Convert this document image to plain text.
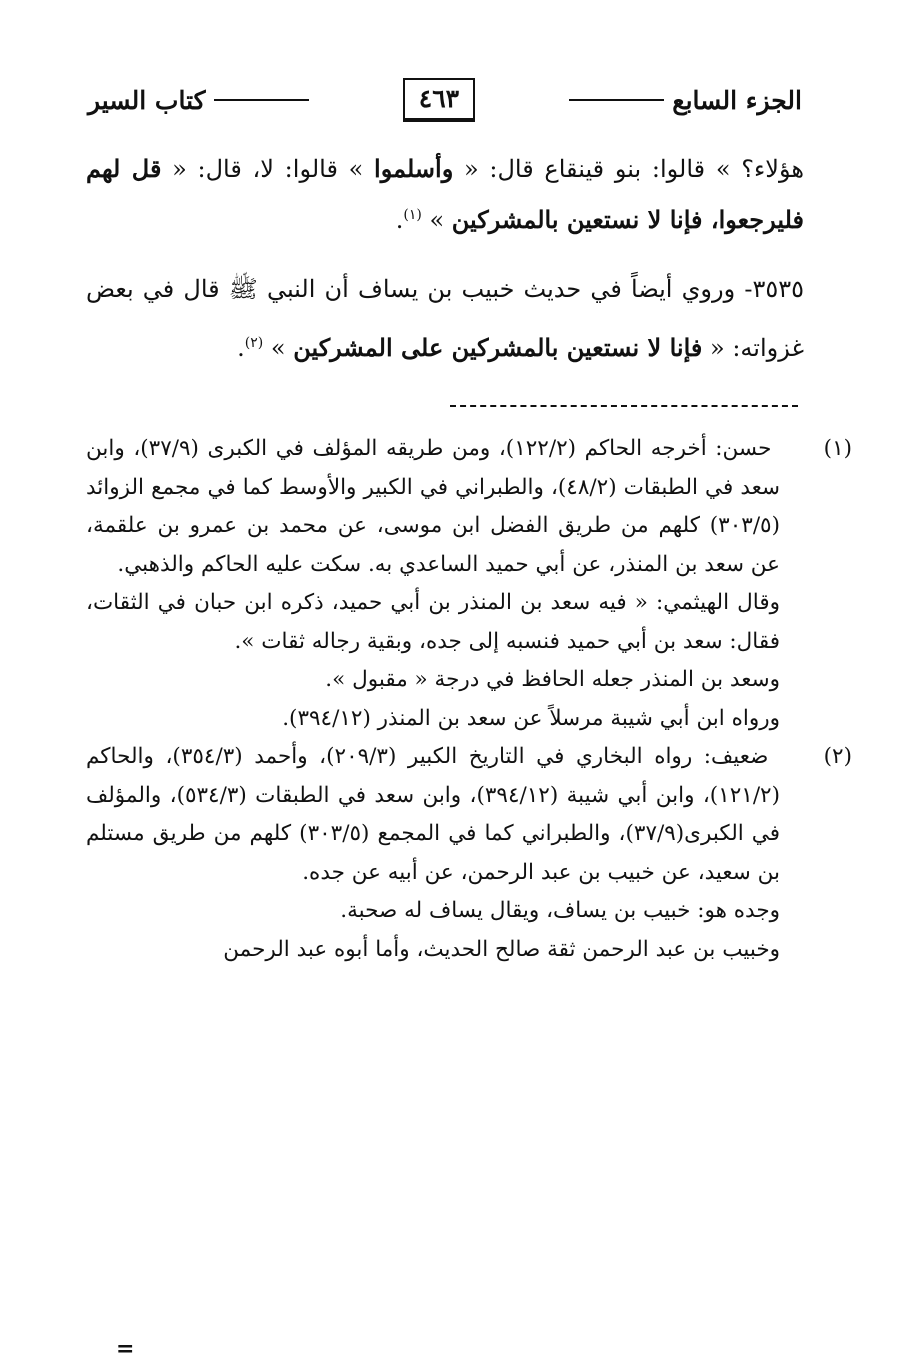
الجزء السابع
٤٦٣
كتاب السير

هؤلاء؟ » قالوا: بنو قينقاع قال: « وأسلموا » قالوا: لا، قال: « قل لهم فليرجعوا، فإنا لا نستعين بالمشركين » $^{(١)}$.

٣٥٣٥- وروي أيضاً في حديث خبيب بن يساف أن النبي ﷺ قال في بعض غزواته: « فإنا لا نستعين بالمشركين على المشركين » $^{(٢)}$.

(١) حسن: أخرجه الحاكم (١٢٢/٢)، ومن طريقه المؤلف في الكبرى (٣٧/٩)، وابن سعد في الطبقات (٤٨/٢)، والطبراني في الكبير والأوسط كما في مجمع الزوائد (٣٠٣/٥) كلهم من طريق الفضل ابن موسى، عن محمد بن عمرو بن علقمة، عن سعد بن المنذر، عن أبي حميد الساعدي به. سكت عليه الحاكم والذهبي.

وقال الهيثمي: « فيه سعد بن المنذر بن أبي حميد، ذكره ابن حبان في الثقات، فقال: سعد بن أبي حميد فنسبه إلى جده، وبقية رجاله ثقات ».

وسعد بن المنذر جعله الحافظ في درجة « مقبول ».

ورواه ابن أبي شيبة مرسلاً عن سعد بن المنذر (٣٩٤/١٢).

(٢) ضعيف: رواه البخاري في التاريخ الكبير (٢٠٩/٣)، وأحمد (٣٥٤/٣)، والحاكم (١٢١/٢)، وابن أبي شيبة (٣٩٤/١٢)، وابن سعد في الطبقات (٥٣٤/٣)، والمؤلف في الكبرى(٣٧/٩)، والطبراني كما في المجمع (٣٠٣/٥) كلهم من طريق مستلم بن سعيد، عن خبيب بن عبد الرحمن، عن أبيه عن جده.

وجده هو: خبيب بن يساف، ويقال يساف له صحبة.

وخبيب بن عبد الرحمن ثقة صالح الحديث، وأما أبوه عبد الرحمن

=
